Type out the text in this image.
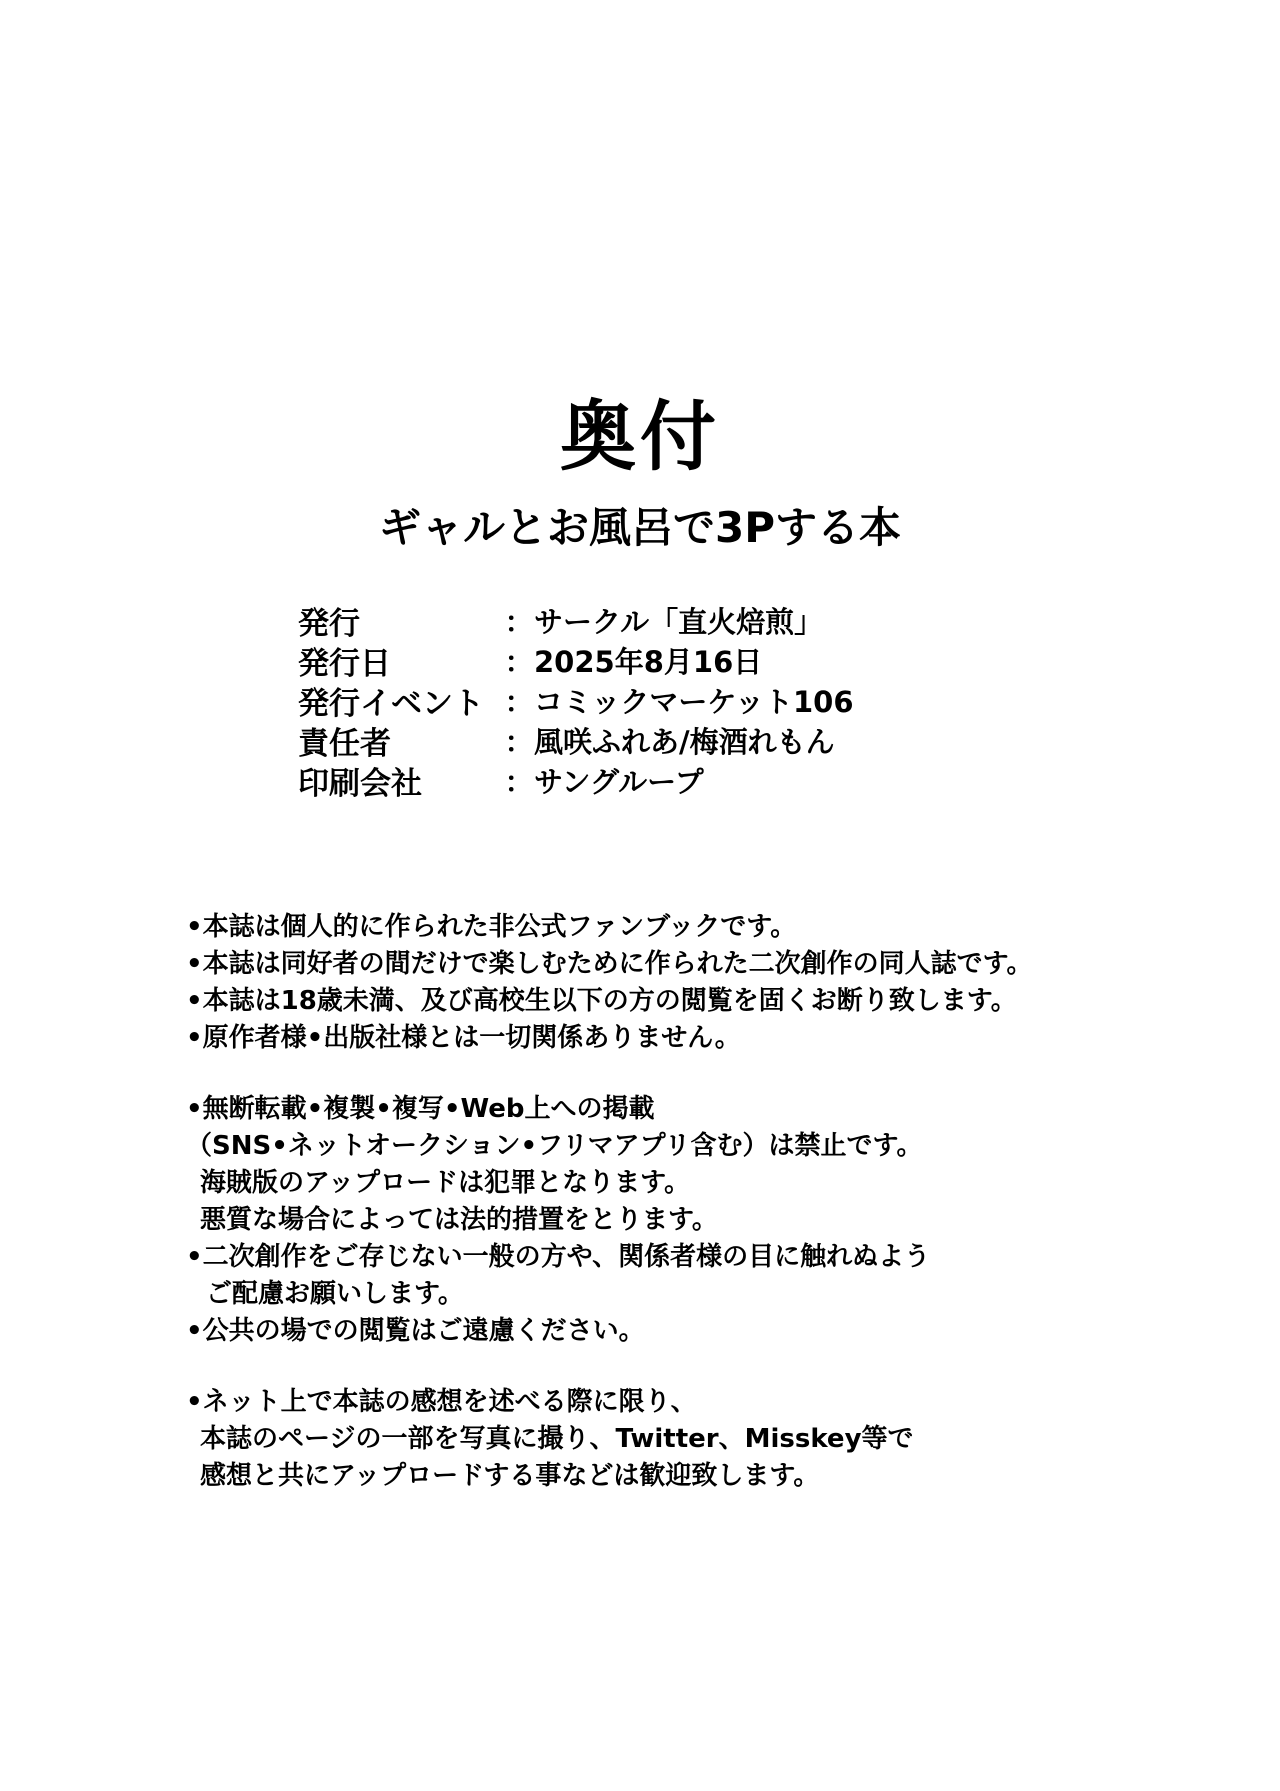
奥付
ギャルとお風呂で3Pする本
発行	： サークル「直火焙煎」
発行日	： 2025年8月16日
発行イベント ： コミックマーケット106
責任者	： 風咲ふれあ/梅酒れもん
印刷会社	： サングループ
•本誌は個人的に作られた非公式ファンブックです。
•本誌は同好者の間だけで楽しむために作られた二次創作の同人誌です。
•本誌は18歳未満、及び高校生以下の方の閲覧を固くお断り致します。
•原作者様•出版社様とは一切関係ありません。
•無断転載•複製•複写•Web上への掲載
（SNS•ネットオークション•フリマアプリ含む）は禁止です。
海賊版のアップロードは犯罪となります。
悪質な場合によっては法的措置をとります。
•二次創作をご存じない一般の方や、関係者様の目に触れぬよう
ご配慮お願いします。
•公共の場での閲覧はご遠慮ください。
•ネット上で本誌の感想を述べる際に限り、
本誌のページの一部を写真に撮り、Twitter、Misskey等で
感想と共にアップロードする事などは歓迎致します。
